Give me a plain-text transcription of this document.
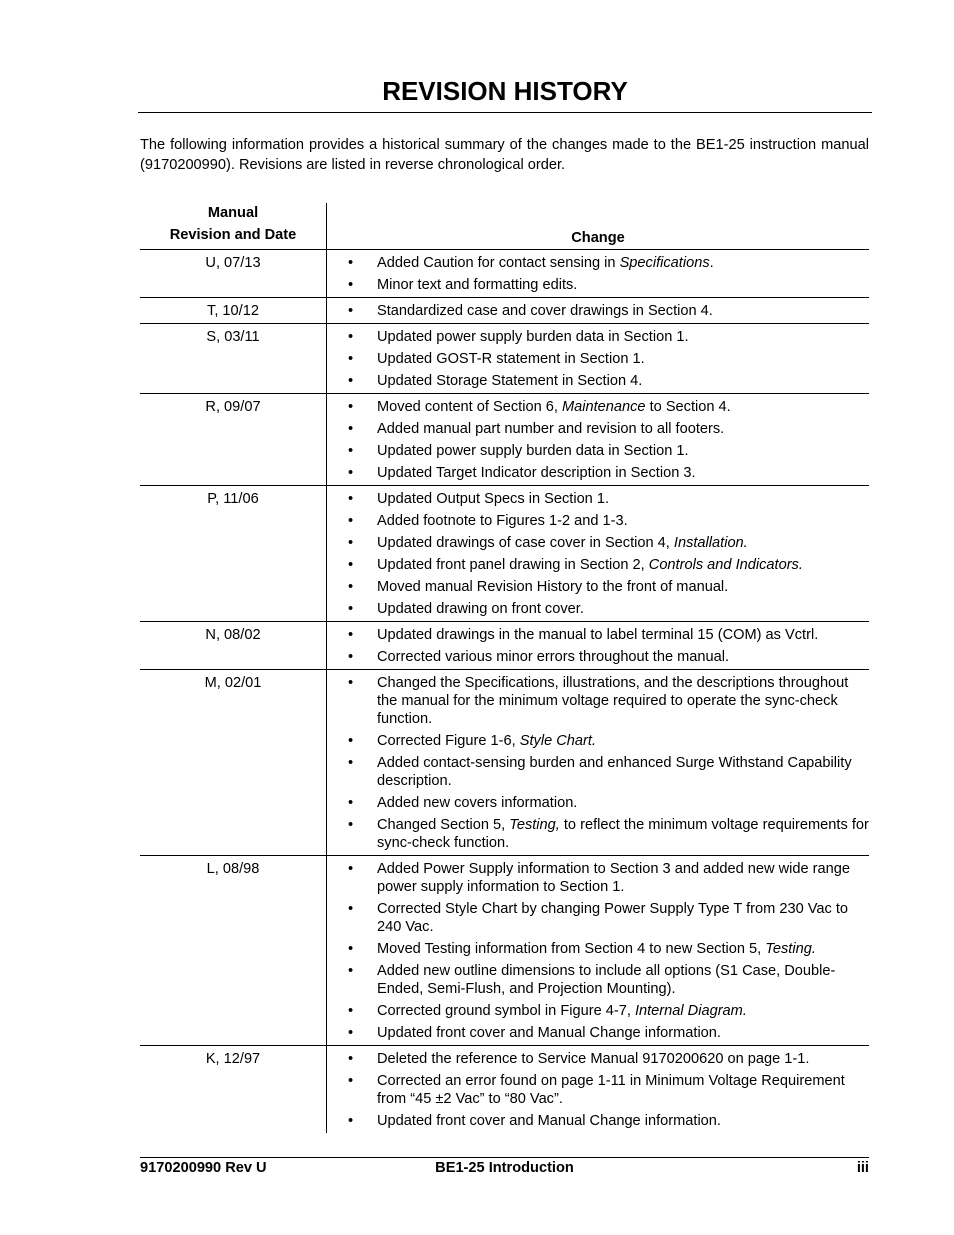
REVISION HISTORY
The following information provides a historical summary of the changes made to the BE1-25 instruction manual (9170200990). Revisions are listed in reverse chronological order.
Manual
Revision and Date	Change
U, 07/13	• Added Caution for contact sensing in Specifications.
• Minor text and formatting edits.
T, 10/12	• Standardized case and cover drawings in Section 4.
S, 03/11	• Updated power supply burden data in Section 1.
• Updated GOST-R statement in Section 1.
• Updated Storage Statement in Section 4.
R, 09/07	• Moved content of Section 6, Maintenance to Section 4.
• Added manual part number and revision to all footers.
• Updated power supply burden data in Section 1.
• Updated Target Indicator description in Section 3.
P, 11/06	• Updated Output Specs in Section 1.
• Added footnote to Figures 1-2 and 1-3.
• Updated drawings of case cover in Section 4, Installation.
• Updated front panel drawing in Section 2, Controls and Indicators.
• Moved manual Revision History to the front of manual.
• Updated drawing on front cover.
N, 08/02	• Updated drawings in the manual to label terminal 15 (COM) as Vctrl.
• Corrected various minor errors throughout the manual.
M, 02/01	• Changed the Specifications, illustrations, and the descriptions throughout the manual for the minimum voltage required to operate the sync-check function.
• Corrected Figure 1-6, Style Chart.
• Added contact-sensing burden and enhanced Surge Withstand Capability description.
• Added new covers information.
• Changed Section 5, Testing, to reflect the minimum voltage requirements for sync-check function.
L, 08/98	• Added Power Supply information to Section 3 and added new wide range power supply information to Section 1.
• Corrected Style Chart by changing Power Supply Type T from 230 Vac to 240 Vac.
• Moved Testing information from Section 4 to new Section 5, Testing.
• Added new outline dimensions to include all options (S1 Case, Double-Ended, Semi-Flush, and Projection Mounting).
• Corrected ground symbol in Figure 4-7, Internal Diagram.
• Updated front cover and Manual Change information.
K, 12/97	• Deleted the reference to Service Manual 9170200620 on page 1-1.
• Corrected an error found on page 1-11 in Minimum Voltage Requirement from “45 ±2 Vac” to “80 Vac”.
• Updated front cover and Manual Change information.
9170200990 Rev U	BE1-25 Introduction	iii
